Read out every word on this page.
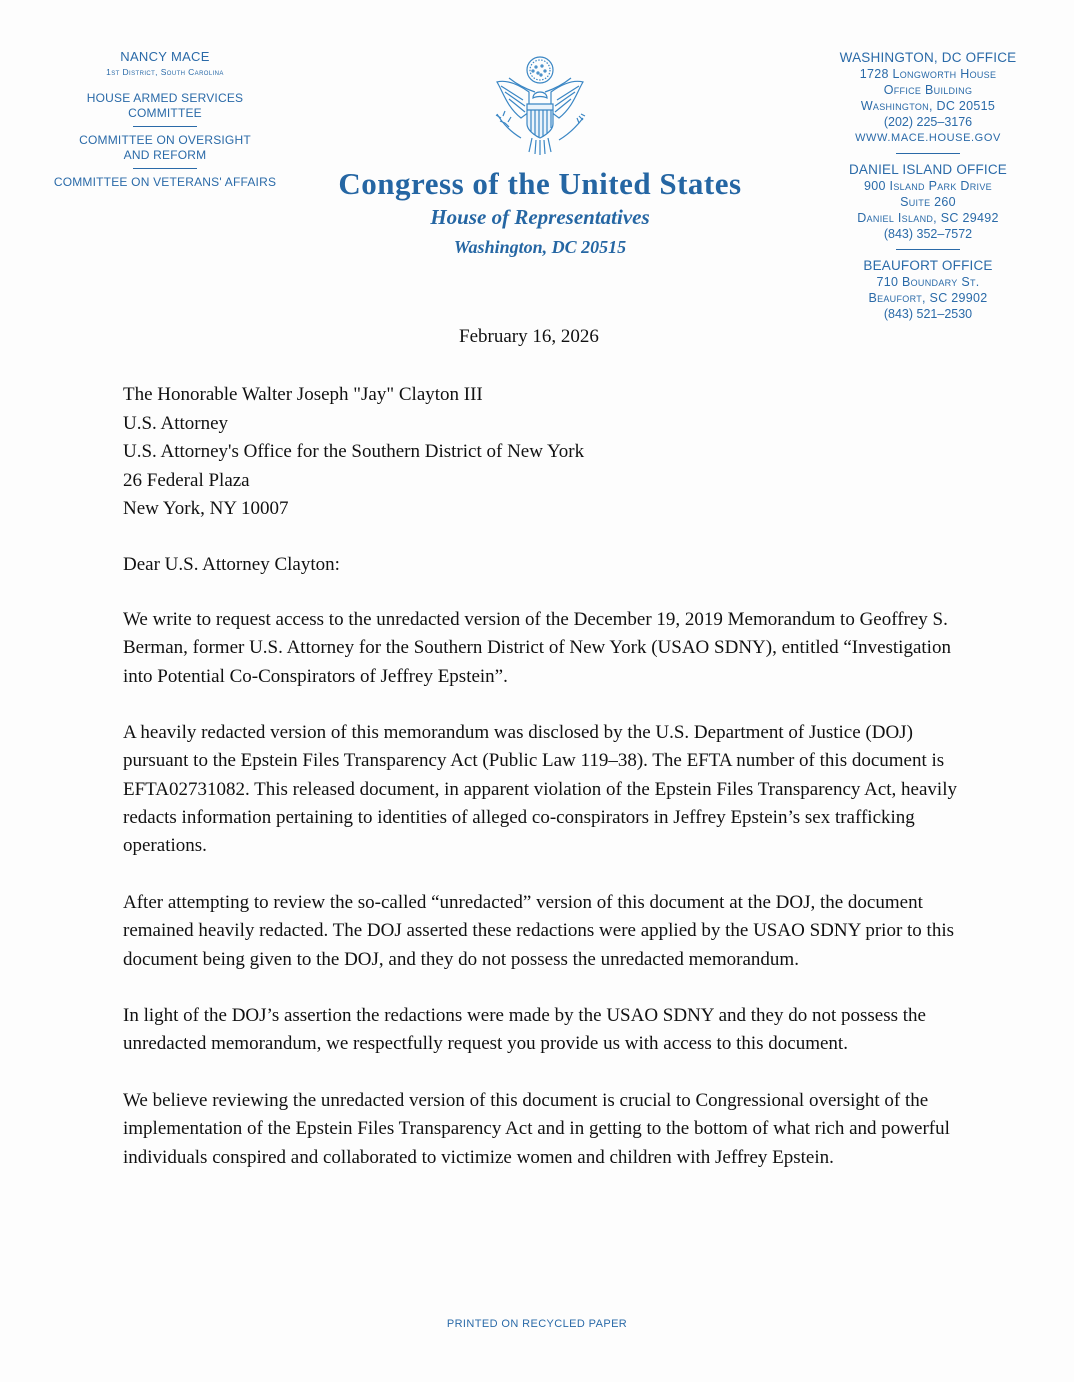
NANCY MACE
1st District, South Carolina
HOUSE ARMED SERVICES
COMMITTEE
COMMITTEE ON OVERSIGHT
AND REFORM
COMMITTEE ON VETERANS' AFFAIRS	Congress of the United States
House of Representatives
Washington, DC 20515
WASHINGTON, DC OFFICE
1728 Longworth House
Office Building
Washington, DC 20515
(202) 225–3176
WWW.MACE.HOUSE.GOV
DANIEL ISLAND OFFICE
900 Island Park Drive
Suite 260
Daniel Island, SC 29492
(843) 352–7572
BEAUFORT OFFICE
710 Boundary St.
Beaufort, SC 29902
(843) 521–2530
February 16, 2026
The Honorable Walter Joseph "Jay" Clayton III
U.S. Attorney
U.S. Attorney's Office for the Southern District of New York
26 Federal Plaza
New York, NY 10007
Dear U.S. Attorney Clayton:

We write to request access to the unredacted version of the December 19, 2019 Memorandum to Geoffrey S. Berman, former U.S. Attorney for the Southern District of New York (USAO SDNY), entitled “Investigation into Potential Co-Conspirators of Jeffrey Epstein”.

A heavily redacted version of this memorandum was disclosed by the U.S. Department of Justice (DOJ) pursuant to the Epstein Files Transparency Act (Public Law 119–38). The EFTA number of this document is EFTA02731082. This released document, in apparent violation of the Epstein Files Transparency Act, heavily redacts information pertaining to identities of alleged co-conspirators in Jeffrey Epstein’s sex trafficking operations.

After attempting to review the so-called “unredacted” version of this document at the DOJ, the document remained heavily redacted. The DOJ asserted these redactions were applied by the USAO SDNY prior to this document being given to the DOJ, and they do not possess the unredacted memorandum.

In light of the DOJ’s assertion the redactions were made by the USAO SDNY and they do not possess the unredacted memorandum, we respectfully request you provide us with access to this document.

We believe reviewing the unredacted version of this document is crucial to Congressional oversight of the implementation of the Epstein Files Transparency Act and in getting to the bottom of what rich and powerful individuals conspired and collaborated to victimize women and children with Jeffrey Epstein.

PRINTED ON RECYCLED PAPER
